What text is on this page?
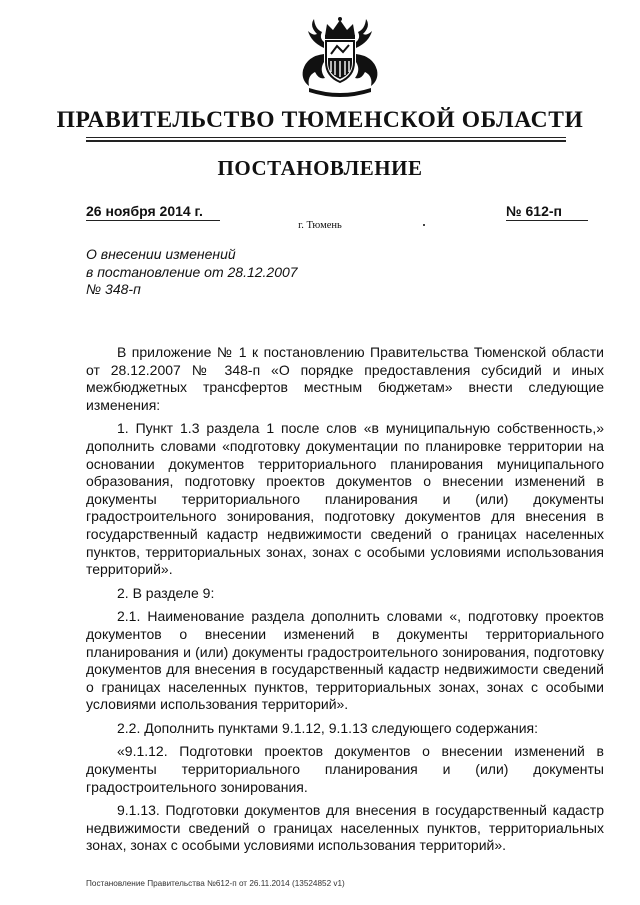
ПРАВИТЕЛЬСТВО ТЮМЕНСКОЙ ОБЛАСТИ
ПОСТАНОВЛЕНИЕ
26 ноября 2014 г.	№ 612-п
г. Тюмень
О внесении изменений
в постановление от 28.12.2007
№ 348-п

В приложение № 1 к постановлению Правительства Тюменской области от 28.12.2007 № 348-п «О порядке предоставления субсидий и иных межбюджетных трансфертов местным бюджетам» внести следующие изменения:

1. Пункт 1.3 раздела 1 после слов «в муниципальную собственность,» дополнить словами «подготовку документации по планировке территории на основании документов территориального планирования муниципального образования, подготовку проектов документов о внесении изменений в документы территориального планирования и (или) документы градостроительного зонирования, подготовку документов для внесения в государственный кадастр недвижимости сведений о границах населенных пунктов, территориальных зонах, зонах с особыми условиями использования территорий».

2. В разделе 9:

2.1. Наименование раздела дополнить словами «, подготовку проектов документов о внесении изменений в документы территориального планирования и (или) документы градостроительного зонирования, подготовку документов для внесения в государственный кадастр недвижимости сведений о границах населенных пунктов, территориальных зонах, зонах с особыми условиями использования территорий».

2.2. Дополнить пунктами 9.1.12, 9.1.13 следующего содержания:

«9.1.12. Подготовки проектов документов о внесении изменений в документы территориального планирования и (или) документы градостроительного зонирования.

9.1.13. Подготовки документов для внесения в государственный кадастр недвижимости сведений о границах населенных пунктов, территориальных зонах, зонах с особыми условиями использования территорий».

Постановление Правительства №612-п от 26.11.2014 (13524852 v1)
